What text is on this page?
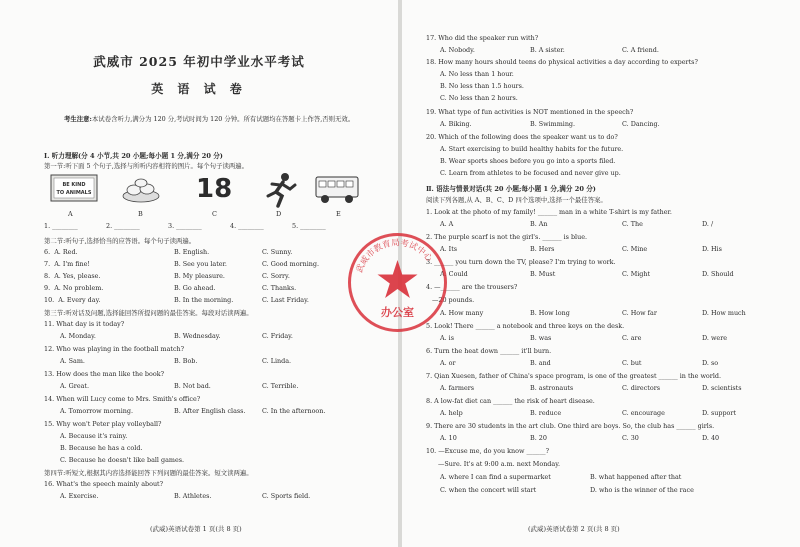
武威市 2025 年初中学业水平考试
英 语 试 卷
考生注意:本试卷含听力,满分为 120 分,考试时间为 120 分钟。所有试题均在答题卡上作答,否则无效。
Ⅰ. 听力理解(分 4 小节,共 20 小题;每小题 1 分,满分 20 分)
第一节:听下面 5 个句子,选择与所听内容相符的图片。每个句子读两遍。
BE KIND
TO ANIMALS	18
A	B	C	D	E
1. ________	2. ________	3. ________	4. ________	5. ________
第二节:听句子,选择恰当的应答语。每个句子读两遍。
6. A. Red.	B. English.	C. Sunny.
7. A. I'm fine!	B. See you later.	C. Good morning.
8. A. Yes, please.	B. My pleasure.	C. Sorry.
9. A. No problem.	B. Go ahead.	C. Thanks.
10. A. Every day.	B. In the morning.	C. Last Friday.
第三节:听对话及问题,选择能回答所提问题的最佳答案。每段对话读两遍。
11. What day is it today?
A. Monday.	B. Wednesday.	C. Friday.
12. Who was playing in the football match?
A. Sam.	B. Bob.	C. Linda.
13. How does the man like the book?
A. Great.	B. Not bad.	C. Terrible.
14. When will Lucy come to Mrs. Smith's office?
A. Tomorrow morning.	B. After English class.	C. In the afternoon.
15. Why won't Peter play volleyball?
A. Because it's rainy.
B. Because he has a cold.
C. Because he doesn't like ball games.
第四节:听短文,根据其内容选择能回答下列问题的最佳答案。短文读两遍。
16. What's the speech mainly about?
A. Exercise.	B. Athletes.	C. Sports field.
(武威)英语试卷第 1 页(共 8 页)
17. Who did the speaker run with?
A. Nobody.	B. A sister.	C. A friend.
18. How many hours should teens do physical activities a day according to experts?
A. No less than 1 hour.
B. No less than 1.5 hours.
C. No less than 2 hours.
19. What type of fun activities is NOT mentioned in the speech?
A. Biking.	B. Swimming.	C. Dancing.
20. Which of the following does the speaker want us to do?
A. Start exercising to build healthy habits for the future.
B. Wear sports shoes before you go into a sports filed.
C. Learn from athletes to be focused and never give up.
Ⅱ. 语法与情景对话(共 20 小题;每小题 1 分,满分 20 分)
阅读下列各题,从 A、B、C、D 四个选项中,选择一个最佳答案。
1. Look at the photo of my family! ______ man in a white T-shirt is my father.
A. A	B. An	C. The	D. /
2. The purple scarf is not the girl's. ______ is blue.
A. Its	B. Hers	C. Mine	D. His
3. ______ you turn down the TV, please? I'm trying to work.
A. Could	B. Must	C. Might	D. Should
4. —______ are the trousers?
—20 pounds.
A. How many	B. How long	C. How far	D. How much
5. Look! There ______ a notebook and three keys on the desk.
A. is	B. was	C. are	D. were
6. Turn the heat down ______ it'll burn.
A. or	B. and	C. but	D. so
7. Qian Xuesen, father of China's space program, is one of the greatest ______ in the world.
A. farmers	B. astronauts	C. directors	D. scientists
8. A low-fat diet can ______ the risk of heart disease.
A. help	B. reduce	C. encourage	D. support
9. There are 30 students in the art club. One third are boys. So, the club has ______ girls.
A. 10	B. 20	C. 30	D. 40
10. —Excuse me, do you know ______?
—Sure. It's at 9:00 a.m. next Monday.
A. where I can find a supermarket	B. what happened after that
C. when the concert will start	D. who is the winner of the race
(武威)英语试卷第 2 页(共 8 页)
武威市教育局考试中心
办公室
